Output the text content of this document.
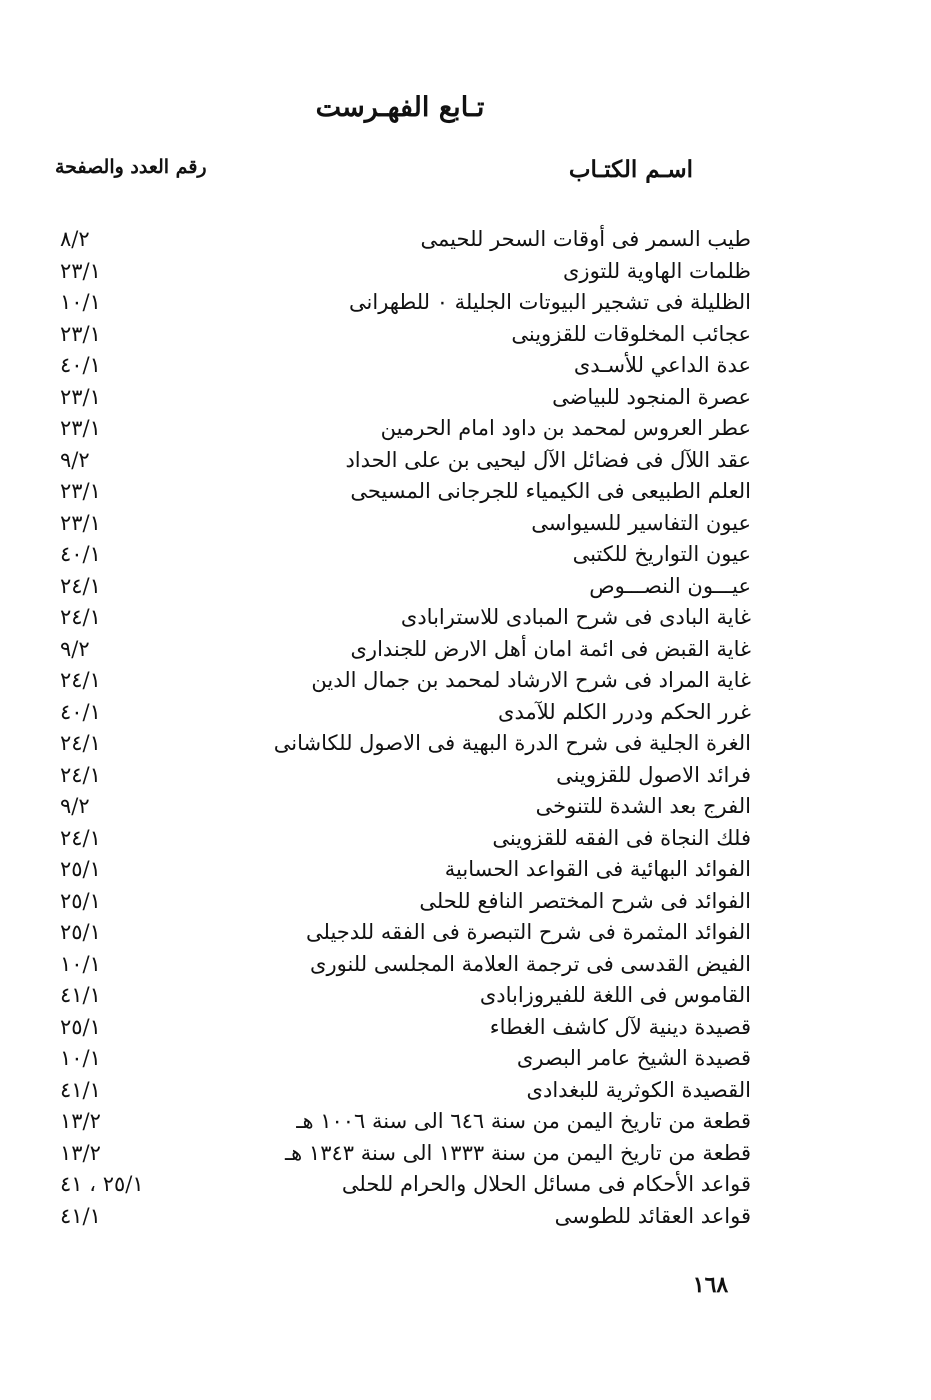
تـابع الفهـرست
اسـم الكتـاب
رقم العدد والصفحة
طيب السمر فى أوقات السحر للحيمى
٨/٢
ظلمات الهاوية للتوزى
٢٣/١
الظليلة فى تشجير البيوتات الجليلة ٠ للطهرانى
١٠/١
عجائب المخلوقات للقزوينى
٢٣/١
عدة الداعي للأسـدى
٤٠/١
عصرة المنجود للبياضى
٢٣/١
عطر العروس لمحمد بن داود امام الحرمين
٢٣/١
عقد اللآل فى فضائل الآل ليحيى بن على الحداد
٩/٢
العلم الطبيعى فى الكيمياء للجرجانى المسيحى
٢٣/١
عيون التفاسير للسيواسى
٢٣/١
عيون التواريخ للكتبى
٤٠/١
عيـــون النصـــوص
٢٤/١
غاية البادى فى شرح المبادى للاسترابادى
٢٤/١
غاية القبض فى ائمة امان أهل الارض للجندارى
٩/٢
غاية المراد فى شرح الارشاد لمحمد بن جمال الدين
٢٤/١
غرر الحكم ودرر الكلم للآمدى
٤٠/١
الغرة الجلية فى شرح الدرة البهية فى الاصول للكاشانى
٢٤/١
فرائد الاصول للقزوينى
٢٤/١
الفرج بعد الشدة للتنوخى
٩/٢
فلك النجاة فى الفقه للقزوينى
٢٤/١
الفوائد البهائية فى القواعد الحسابية
٢٥/١
الفوائد فى شرح المختصر النافع للحلى
٢٥/١
الفوائد المثمرة فى شرح التبصرة فى الفقه للدجيلى
٢٥/١
الفيض القدسى فى ترجمة العلامة المجلسى للنورى
١٠/١
القاموس فى اللغة للفيروزابادى
٤١/١
قصيدة دينية لآل كاشف الغطاء
٢٥/١
قصيدة الشيخ عامر البصرى
١٠/١
القصيدة الكوثرية للبغدادى
٤١/١
قطعة من تاريخ اليمن من سنة ٦٤٦ الى سنة ١٠٠٦ هـ
١٣/٢
قطعة من تاريخ اليمن من سنة ١٣٣٣ الى سنة ١٣٤٣ هـ
١٣/٢
قواعد الأحكام فى مسائل الحلال والحرام للحلى
٢٥/١ ، ٤١
قواعد العقائد للطوسى
٤١/١
١٦٨
